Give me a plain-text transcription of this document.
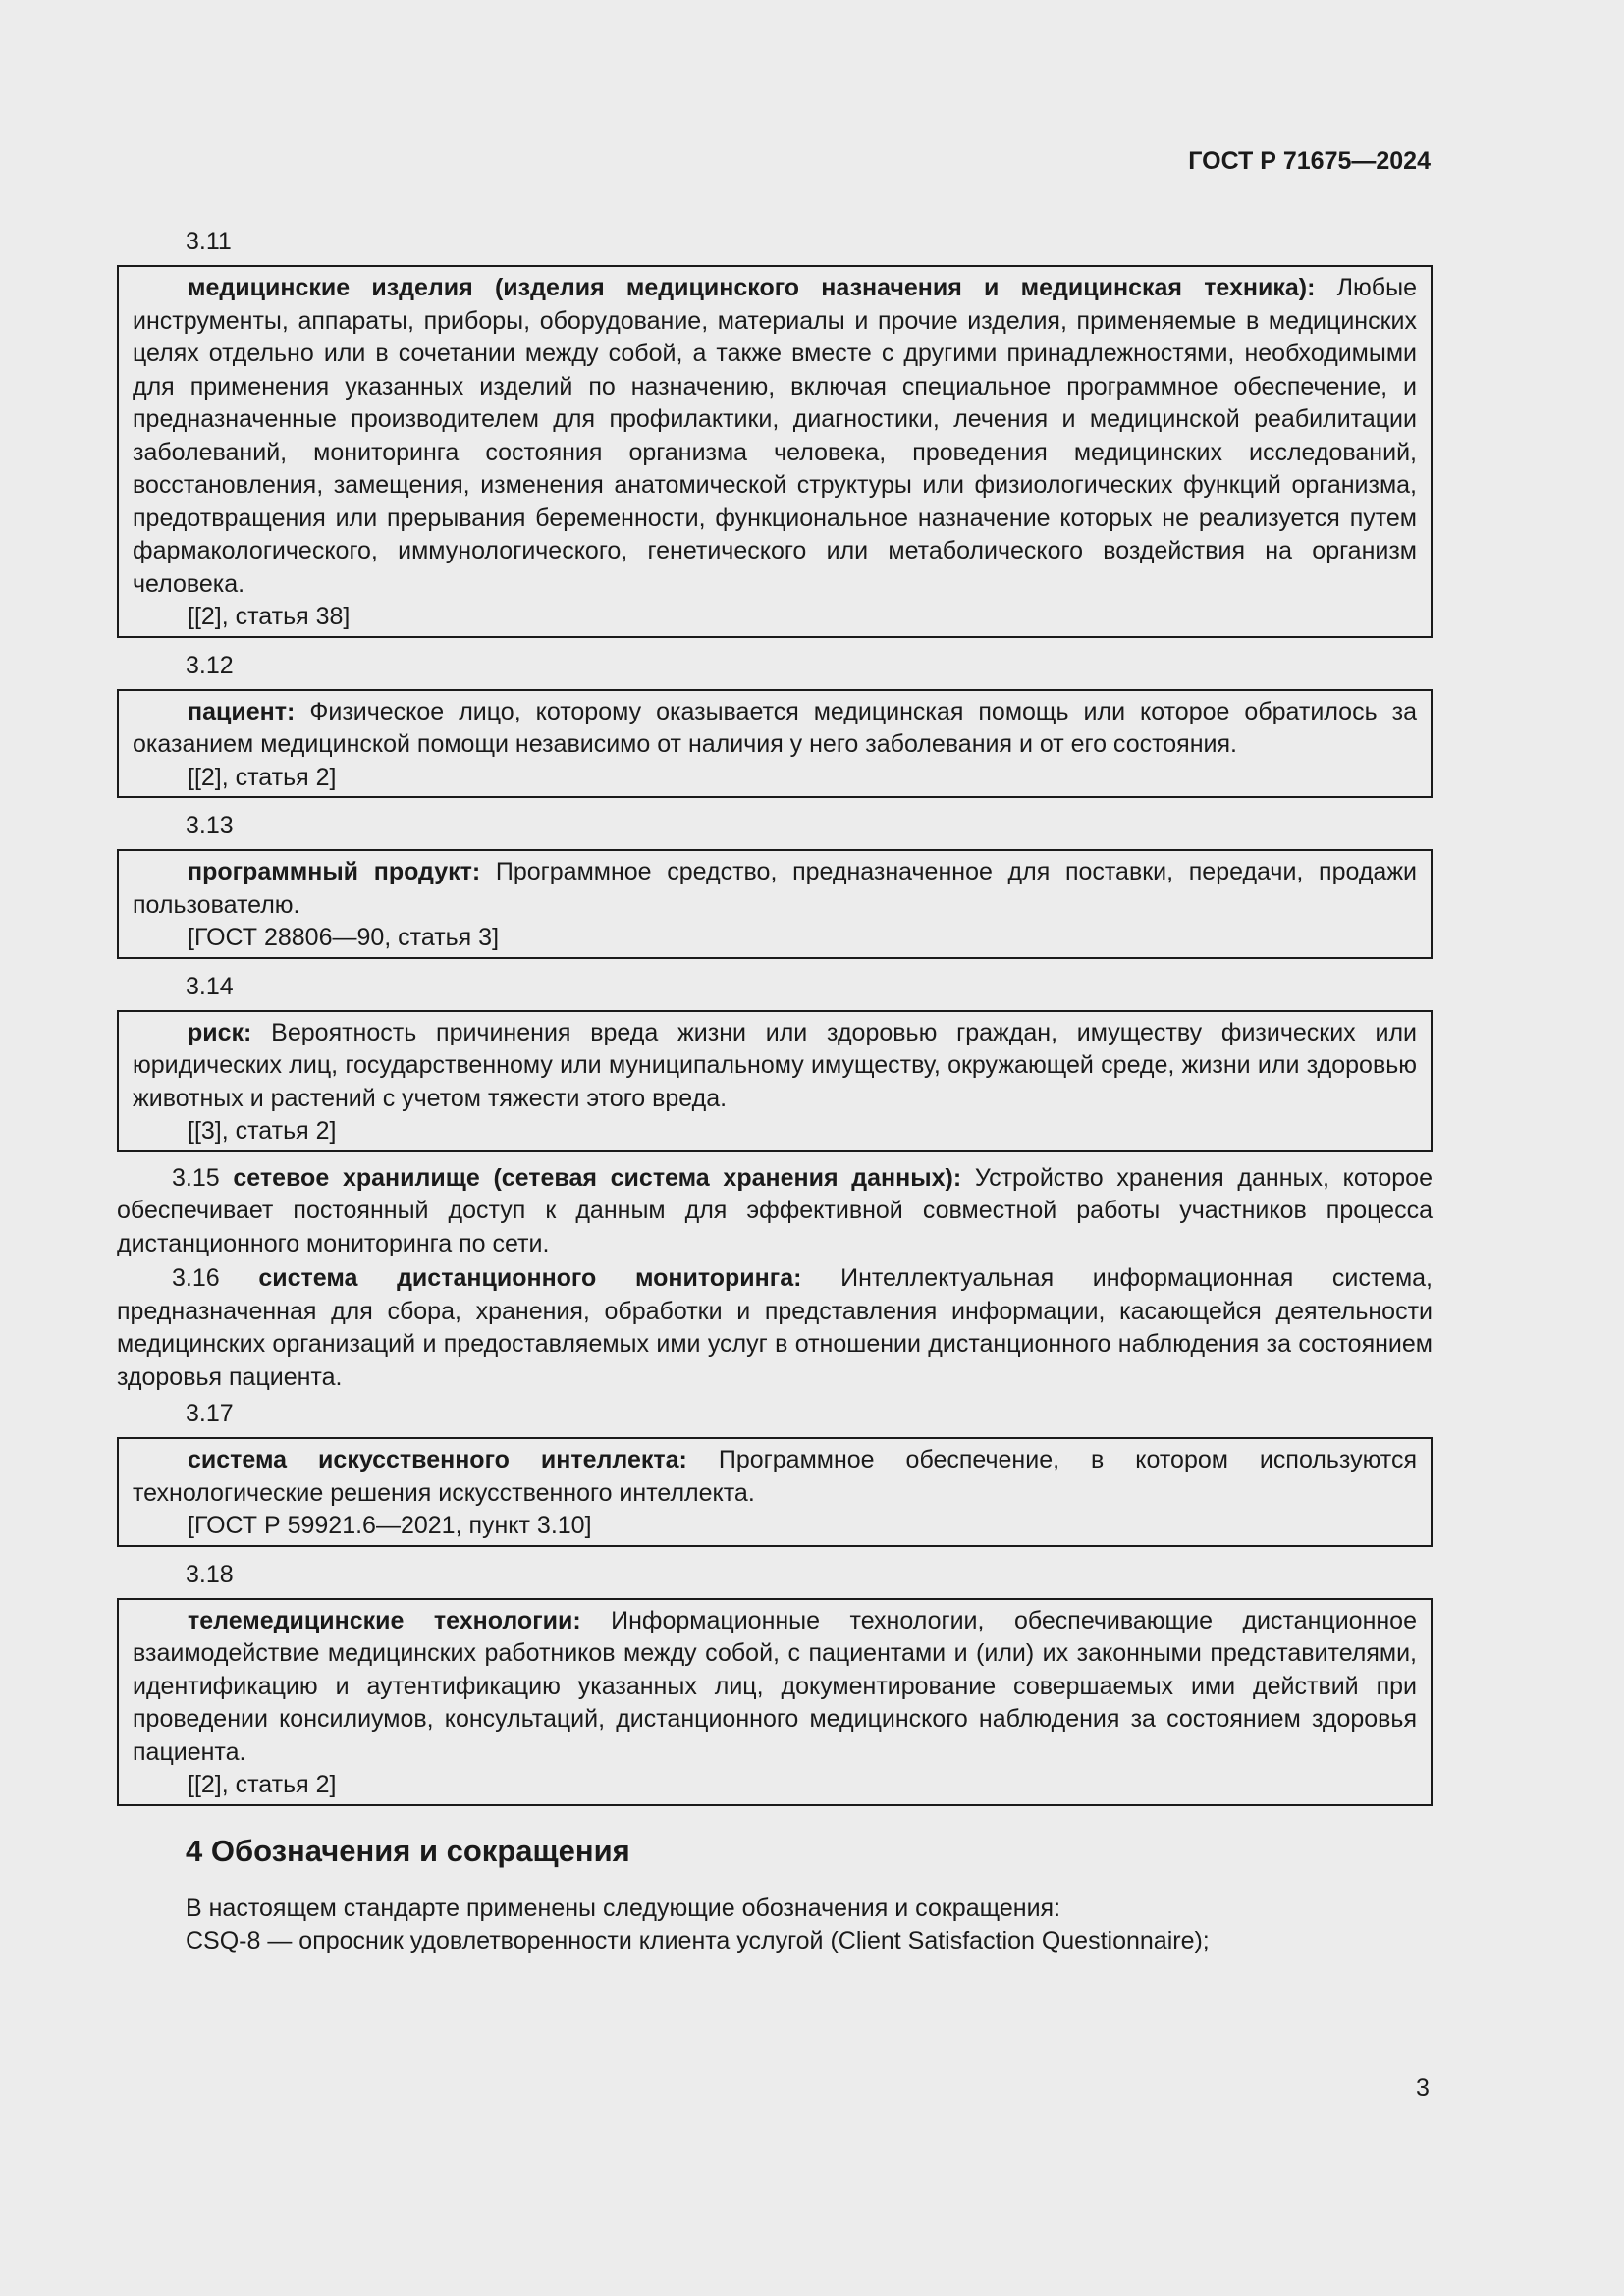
ГОСТ Р 71675—2024
3.11

медицинские изделия (изделия медицинского назначения и медицинская техника): Любые инструменты, аппараты, приборы, оборудование, материалы и прочие изделия, применяемые в медицинских целях отдельно или в сочетании между собой, а также вместе с другими принадлежностями, необходимыми для применения указанных изделий по назначению, включая специальное программное обеспечение, и предназначенные производителем для профилактики, диагностики, лечения и медицинской реабилитации заболеваний, мониторинга состояния организма человека, проведения медицинских исследований, восстановления, замещения, изменения анатомической структуры или физиологических функций организма, предотвращения или прерывания беременности, функциональное назначение которых не реализуется путем фармакологического, иммунологического, генетического или метаболического воздействия на организм человека.

[[2], статья 38]
3.12

пациент: Физическое лицо, которому оказывается медицинская помощь или которое обратилось за оказанием медицинской помощи независимо от наличия у него заболевания и от его состояния.

[[2], статья 2]
3.13

программный продукт: Программное средство, предназначенное для поставки, передачи, продажи пользователю.

[ГОСТ 28806—90, статья 3]
3.14

риск: Вероятность причинения вреда жизни или здоровью граждан, имуществу физических или юридических лиц, государственному или муниципальному имуществу, окружающей среде, жизни или здоровью животных и растений с учетом тяжести этого вреда.

[[3], статья 2]

3.15 сетевое хранилище (сетевая система хранения данных): Устройство хранения данных, которое обеспечивает постоянный доступ к данным для эффективной совместной работы участников процесса дистанционного мониторинга по сети.

3.16 система дистанционного мониторинга: Интеллектуальная информационная система, предназначенная для сбора, хранения, обработки и представления информации, касающейся деятельности медицинских организаций и предоставляемых ими услуг в отношении дистанционного наблюдения за состоянием здоровья пациента.

3.17

система искусственного интеллекта: Программное обеспечение, в котором используются технологические решения искусственного интеллекта.

[ГОСТ Р 59921.6—2021, пункт 3.10]
3.18

телемедицинские технологии: Информационные технологии, обеспечивающие дистанционное взаимодействие медицинских работников между собой, с пациентами и (или) их законными представителями, идентификацию и аутентификацию указанных лиц, документирование совершаемых ими действий при проведении консилиумов, консультаций, дистанционного медицинского наблюдения за состоянием здоровья пациента.

[[2], статья 2]
4 Обозначения и сокращения
В настоящем стандарте применены следующие обозначения и сокращения:
CSQ-8 — опросник удовлетворенности клиента услугой (Client Satisfaction Questionnaire);
3
